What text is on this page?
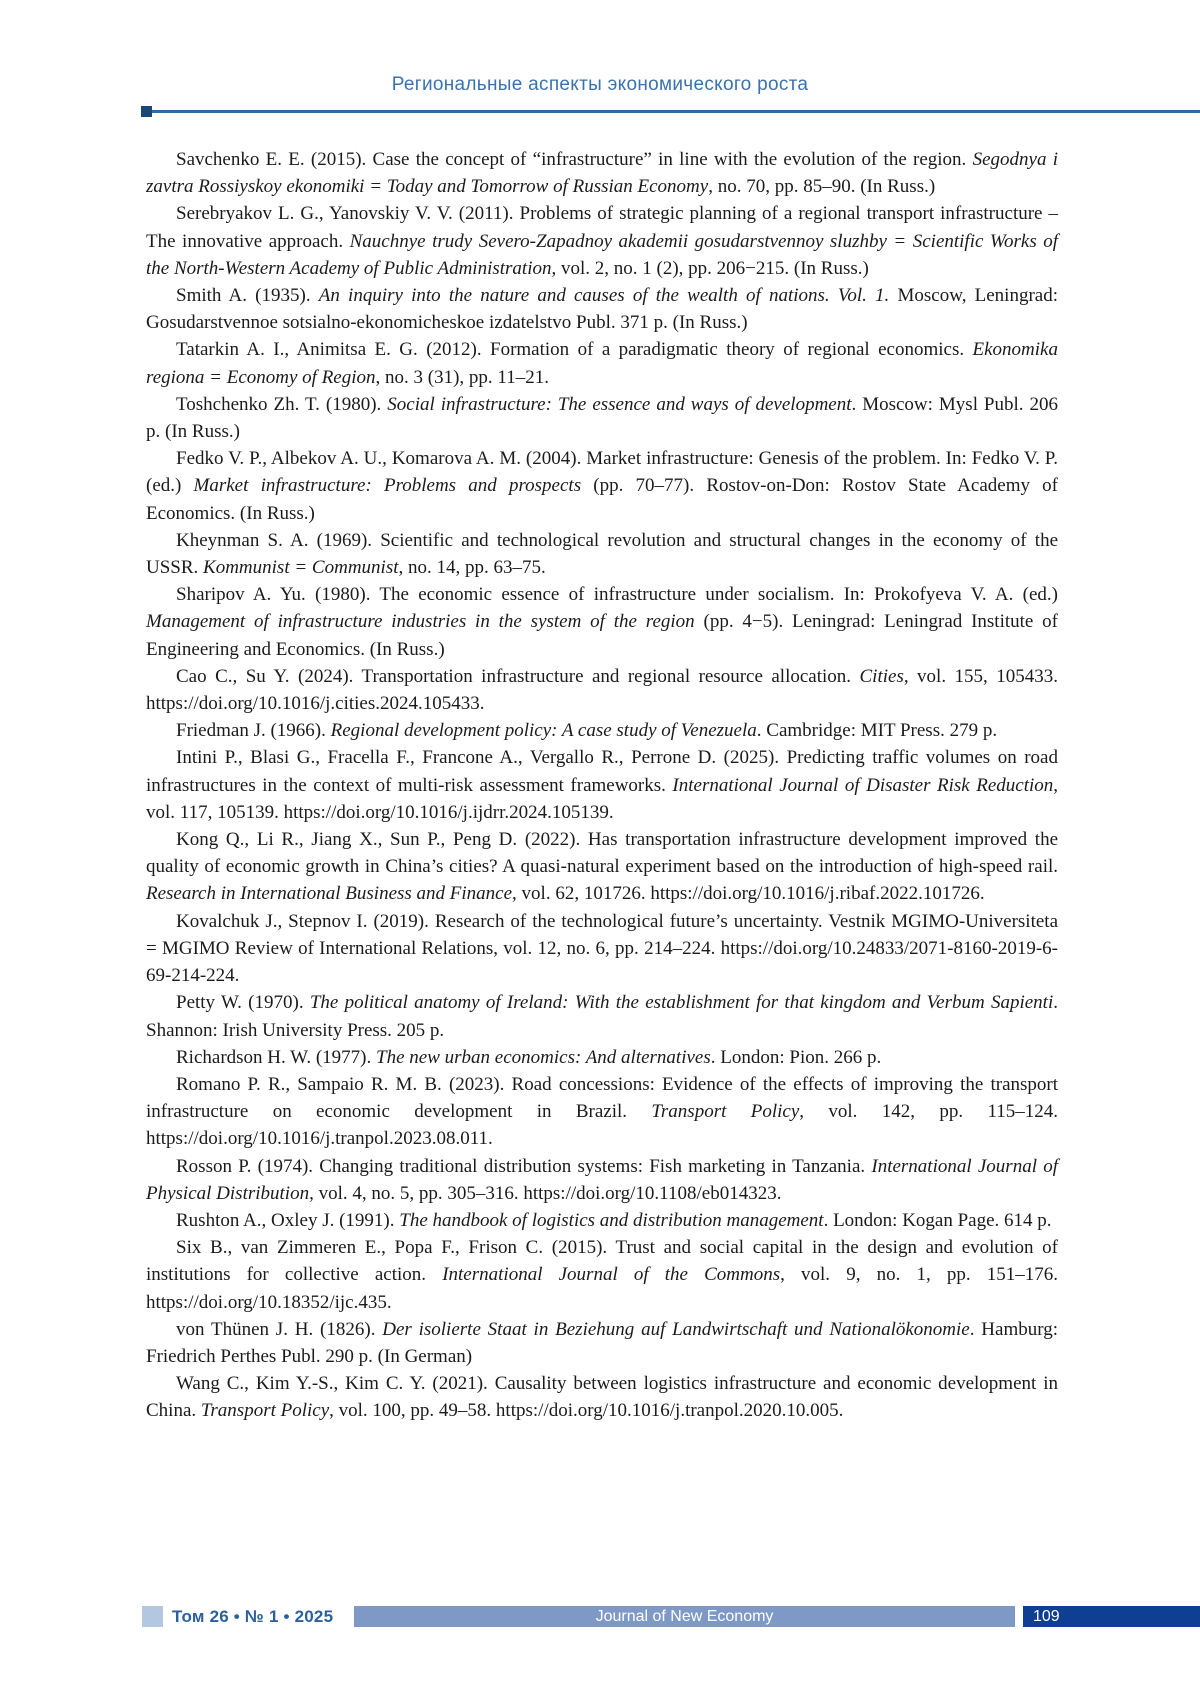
Региональные аспекты экономического роста

Savchenko E. E. (2015). Case the concept of “infrastructure” in line with the evolution of the region. Segodnya i zavtra Rossiyskoy ekonomiki = Today and Tomorrow of Russian Economy, no. 70, pp. 85–90. (In Russ.)

Serebryakov L. G., Yanovskiy V. V. (2011). Problems of strategic planning of a regional transport infrastructure – The innovative approach. Nauchnye trudy Severo-Zapadnoy akademii gosudarstvennoy sluzhby = Scientific Works of the North-Western Academy of Public Administration, vol. 2, no. 1 (2), pp. 206−215. (In Russ.)

Smith A. (1935). An inquiry into the nature and causes of the wealth of nations. Vol. 1. Moscow, Leningrad: Gosudarstvennoe sotsialno-ekonomicheskoe izdatelstvo Publ. 371 p. (In Russ.)

Tatarkin A. I., Animitsa E. G. (2012). Formation of a paradigmatic theory of regional economics. Ekonomika regiona = Economy of Region, no. 3 (31), pp. 11–21.

Toshchenko Zh. T. (1980). Social infrastructure: The essence and ways of development. Moscow: Mysl Publ. 206 p. (In Russ.)

Fedko V. P., Albekov A. U., Komarova A. M. (2004). Market infrastructure: Genesis of the problem. In: Fedko V. P. (ed.) Market infrastructure: Problems and prospects (pp. 70–77). Rostov-on-Don: Rostov State Academy of Economics. (In Russ.)

Kheynman S. A. (1969). Scientific and technological revolution and structural changes in the economy of the USSR. Kommunist = Communist, no. 14, pp. 63–75.

Sharipov A. Yu. (1980). The economic essence of infrastructure under socialism. In: Prokofyeva V. A. (ed.) Management of infrastructure industries in the system of the region (pp. 4−5). Leningrad: Leningrad Institute of Engineering and Economics. (In Russ.)

Cao C., Su Y. (2024). Transportation infrastructure and regional resource allocation. Cities, vol. 155, 105433. https://doi.org/10.1016/j.cities.2024.105433.

Friedman J. (1966). Regional development policy: A case study of Venezuela. Cambridge: MIT Press. 279 p.

Intini P., Blasi G., Fracella F., Francone A., Vergallo R., Perrone D. (2025). Predicting traffic volumes on road infrastructures in the context of multi-risk assessment frameworks. International Journal of Disaster Risk Reduction, vol. 117, 105139. https://doi.org/10.1016/j.ijdrr.2024.105139.

Kong Q., Li R., Jiang X., Sun P., Peng D. (2022). Has transportation infrastructure development improved the quality of economic growth in China’s cities? A quasi-natural experiment based on the introduction of high-speed rail. Research in International Business and Finance, vol. 62, 101726. https://doi.org/10.1016/j.ribaf.2022.101726.

Kovalchuk J., Stepnov I. (2019). Research of the technological future’s uncertainty. Vestnik MGIMO-Universiteta = MGIMO Review of International Relations, vol. 12, no. 6, pp. 214–224. https://doi.org/10.24833/2071-8160-2019-6-69-214-224.

Petty W. (1970). The political anatomy of Ireland: With the establishment for that kingdom and Verbum Sapienti. Shannon: Irish University Press. 205 p.

Richardson H. W. (1977). The new urban economics: And alternatives. London: Pion. 266 p.

Romano P. R., Sampaio R. M. B. (2023). Road concessions: Evidence of the effects of improving the transport infrastructure on economic development in Brazil. Transport Policy, vol. 142, pp. 115–124. https://doi.org/10.1016/j.tranpol.2023.08.011.

Rosson P. (1974). Changing traditional distribution systems: Fish marketing in Tanzania. International Journal of Physical Distribution, vol. 4, no. 5, pp. 305–316. https://doi.org/10.1108/eb014323.

Rushton A., Oxley J. (1991). The handbook of logistics and distribution management. London: Kogan Page. 614 p.

Six B., van Zimmeren E., Popa F., Frison C. (2015). Trust and social capital in the design and evolution of institutions for collective action. International Journal of the Commons, vol. 9, no. 1, pp. 151–176. https://doi.org/10.18352/ijc.435.

von Thünen J. H. (1826). Der isolierte Staat in Beziehung auf Landwirtschaft und Nationalökonomie. Hamburg: Friedrich Perthes Publ. 290 p. (In German)

Wang C., Kim Y.-S., Kim C. Y. (2021). Causality between logistics infrastructure and economic development in China. Transport Policy, vol. 100, pp. 49–58. https://doi.org/10.1016/j.tranpol.2020.10.005.

Том 26 • № 1 • 2025	Journal of New Economy	109
